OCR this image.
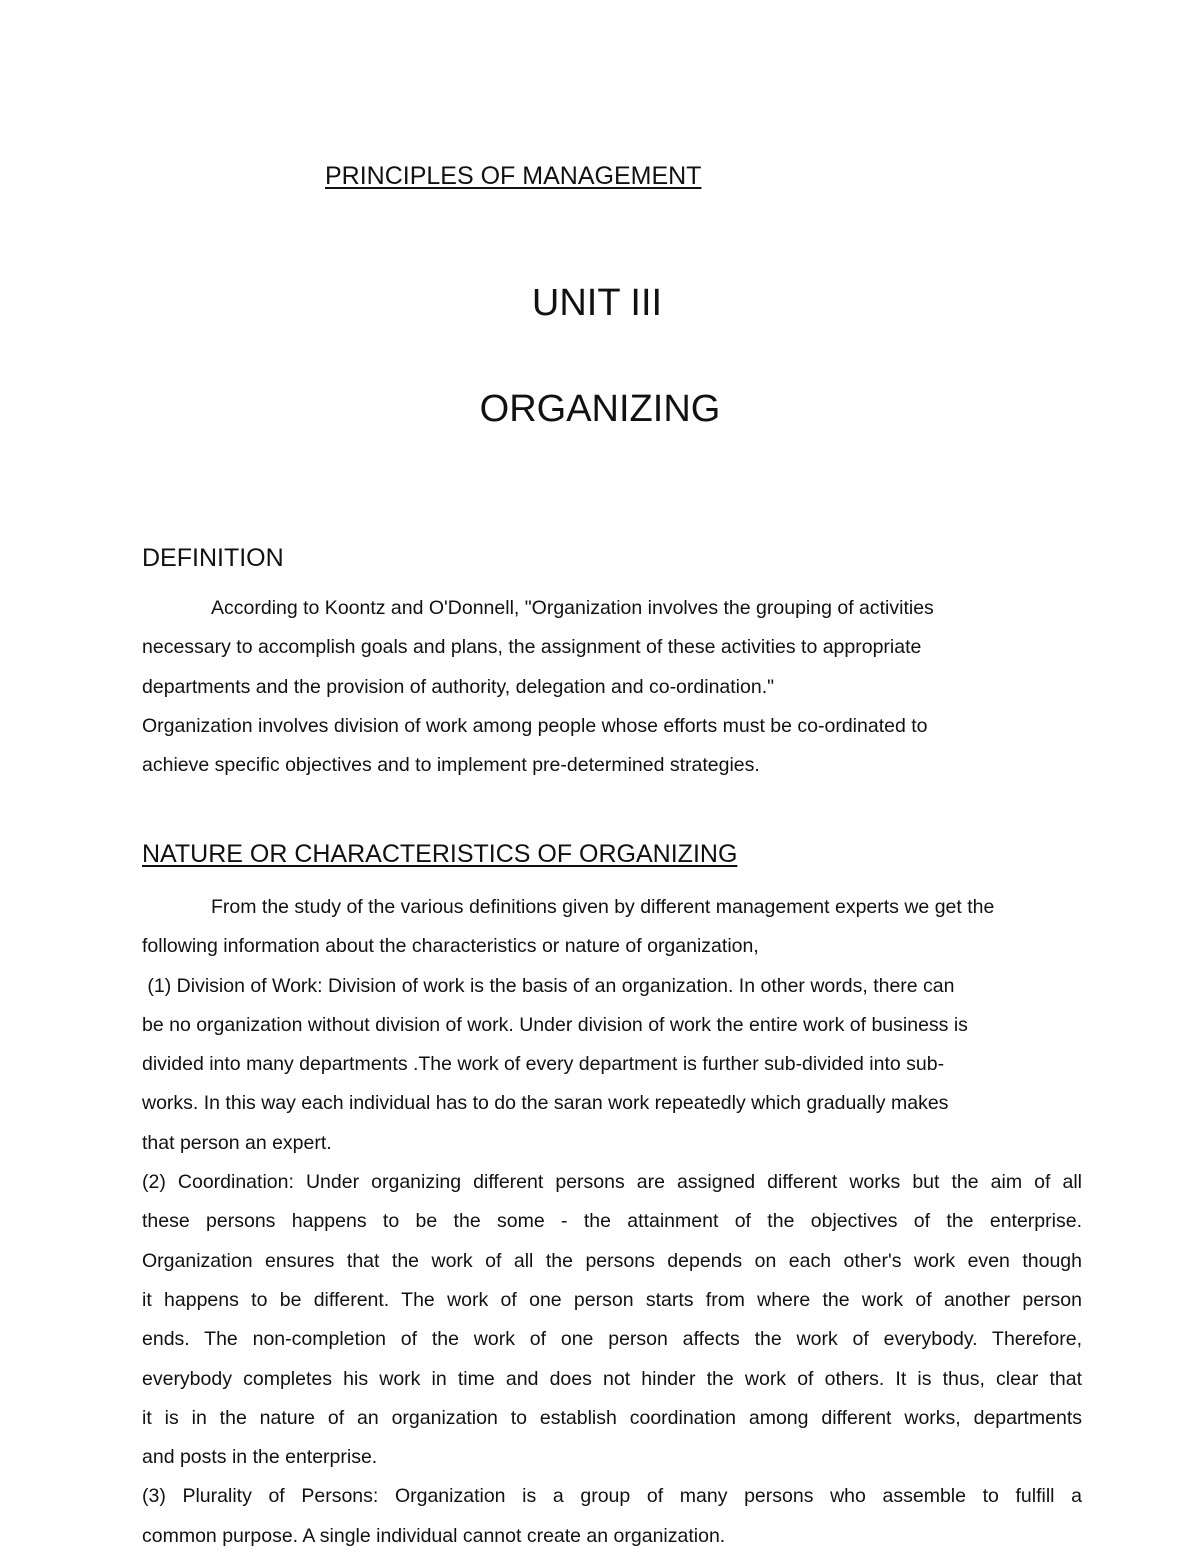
PRINCIPLES OF MANAGEMENT
UNIT III
ORGANIZING
DEFINITION
According to Koontz and O'Donnell, "Organization involves the grouping of activities
necessary to accomplish goals and plans, the assignment of these activities to appropriate
departments and the provision of authority, delegation and co-ordination."
Organization involves division of work among people whose efforts must be co-ordinated to
achieve specific objectives and to implement pre-determined strategies.
NATURE OR CHARACTERISTICS OF ORGANIZING
From the study of the various definitions given by different management experts we get the
following information about the characteristics or nature of organization,
(1) Division of Work: Division of work is the basis of an organization. In other words, there can
be no organization without division of work. Under division of work the entire work of business is
divided into many departments .The work of every department is further sub-divided into sub-
works. In this way each individual has to do the saran work repeatedly which gradually makes
that person an expert.
(2) Coordination: Under organizing different persons are assigned different works but the aim of all
these persons happens to be the some - the attainment of the objectives of the enterprise.
Organization ensures that the work of all the persons depends on each other's work even though
it happens to be different. The work of one person starts from where the work of another person
ends. The non-completion of the work of one person affects the work of everybody. Therefore,
everybody completes his work in time and does not hinder the work of others. It is thus, clear that
it is in the nature of an organization to establish coordination among different works, departments
and posts in the enterprise.
(3) Plurality of Persons: Organization is a group of many persons who assemble to fulfill a
common purpose. A single individual cannot create an organization.
